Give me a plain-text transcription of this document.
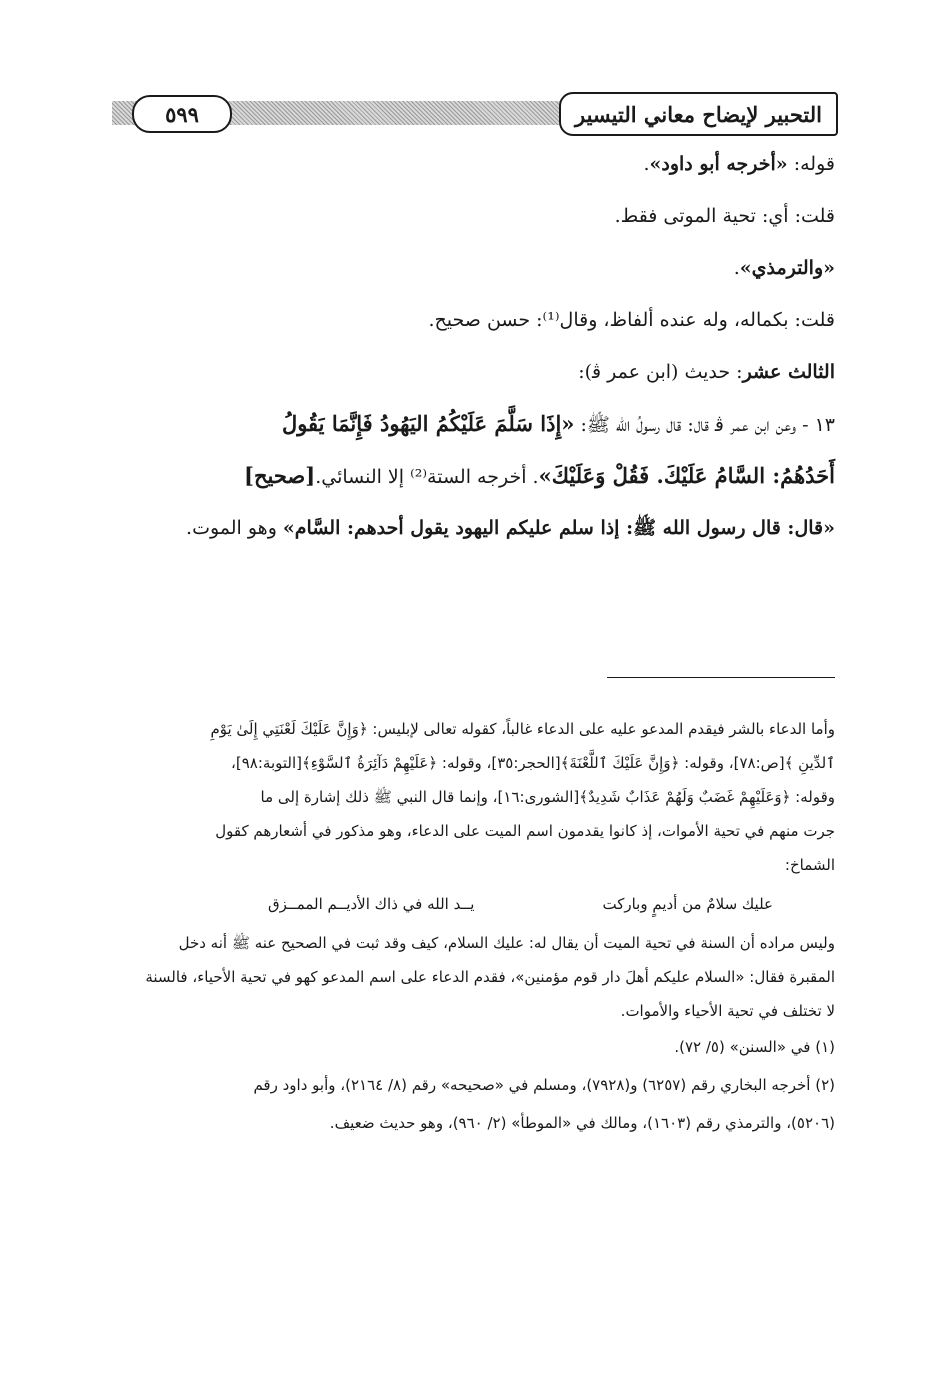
التحبير لإيضاح معاني التيسير
٥٩٩
قوله: «أخرجه أبو داود».
قلت: أي: تحية الموتى فقط.
«والترمذي».
قلت: بكماله، وله عنده ألفاظ، وقال⁽¹⁾: حسن صحيح.
الثالث عشر: حديث (ابن عمر ﭬ):
١٣ - وعن ابن عمر ﭬ قال: قال رسولُ الله ﷺ: «إِذَا سَلَّمَ عَلَيْكُمُ اليَهُودُ فَإِنَّمَا يَقُولُ
أَحَدُهُمُ: السَّامُ عَلَيْكَ. فَقُلْ وَعَلَيْكَ». أخرجه الستة⁽²⁾ إلا النسائي.[صحيح]
«قال: قال رسول الله ﷺ: إذا سلم عليكم اليهود يقول أحدهم: السَّام» وهو الموت.
وأما الدعاء بالشر فيقدم المدعو عليه على الدعاء غالباً، كقوله تعالى لإبليس: ﴿وَإِنَّ عَلَيْكَ لَعْنَتِي إِلَىٰ يَوْمِ
ٱلدِّينِ ﴾[ص:٧٨]، وقوله: ﴿وَإِنَّ عَلَيْكَ ٱللَّعْنَةَ﴾[الحجر:٣٥]، وقوله: ﴿عَلَيْهِمْ دَآئِرَةُ ٱلسَّوْءِ﴾[التوبة:٩٨]،
وقوله: ﴿وَعَلَيْهِمْ غَضَبٌ وَلَهُمْ عَذَابٌ شَدِيدٌ﴾[الشورى:١٦]، وإنما قال النبي ﷺ ذلك إشارة إلى ما
جرت منهم في تحية الأموات، إذ كانوا يقدمون اسم الميت على الدعاء، وهو مذكور في أشعارهم كقول
الشماخ:
عليك سلامٌ من أديمٍ وباركت
يــد الله في ذاك الأديــم الممــزق
وليس مراده أن السنة في تحية الميت أن يقال له: عليك السلام، كيف وقد ثبت في الصحيح عنه ﷺ أنه دخل
المقبرة فقال: «السلام عليكم أهلَ دار قوم مؤمنين»، فقدم الدعاء على اسم المدعو كهو في تحية الأحياء، فالسنة
لا تختلف في تحية الأحياء والأموات.
(١) في «السنن» (٥/ ٧٢).
(٢) أخرجه البخاري رقم (٦٢٥٧) و(٧٩٢٨)، ومسلم في «صحيحه» رقم (٨/ ٢١٦٤)، وأبو داود رقم
(٥٢٠٦)، والترمذي رقم (١٦٠٣)، ومالك في «الموطأ» (٢/ ٩٦٠)، وهو حديث ضعيف.
